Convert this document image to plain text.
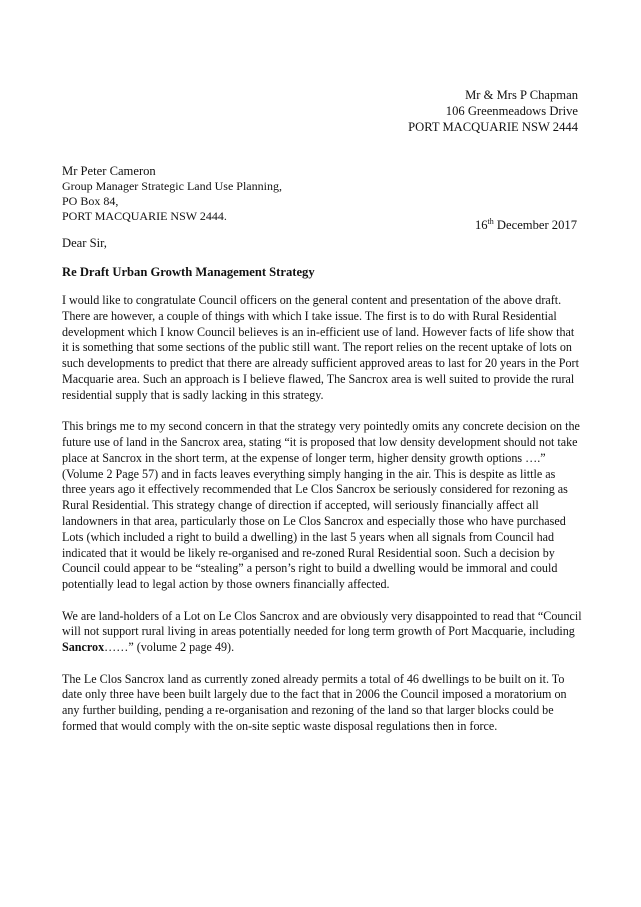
Mr & Mrs P Chapman
106 Greenmeadows Drive
PORT MACQUARIE NSW 2444
Mr Peter Cameron
Group Manager Strategic Land Use Planning,
PO Box 84,
PORT MACQUARIE NSW 2444.
16th December 2017
Dear Sir,
Re Draft Urban Growth Management Strategy

I would like to congratulate Council officers on the general content and presentation of the above draft. There are however, a couple of things with which I take issue. The first is to do with Rural Residential development which I know Council believes is an in-efficient use of land. However facts of life show that it is something that some sections of the public still want. The report relies on the recent uptake of lots on such developments to predict that there are already sufficient approved areas to last for 20 years in the Port Macquarie area. Such an approach is I believe flawed, The Sancrox area is well suited to provide the rural residential supply that is sadly lacking in this strategy.

This brings me to my second concern in that the strategy very pointedly omits any concrete decision on the future use of land in the Sancrox area, stating “it is proposed that low density development should not take place at Sancrox in the short term, at the expense of longer term, higher density growth options ….” (Volume 2 Page 57) and in facts leaves everything simply hanging in the air. This is despite as little as three years ago it effectively recommended that Le Clos Sancrox be seriously considered for rezoning as Rural Residential. This strategy change of direction if accepted, will seriously financially affect all landowners in that area, particularly those on Le Clos Sancrox and especially those who have purchased Lots (which included a right to build a dwelling) in the last 5 years when all signals from Council had indicated that it would be likely re-organised and re-zoned Rural Residential soon. Such a decision by Council could appear to be “stealing” a person’s right to build a dwelling would be immoral and could potentially lead to legal action by those owners financially affected.

We are land-holders of a Lot on Le Clos Sancrox and are obviously very disappointed to read that “Council will not support rural living in areas potentially needed for long term growth of Port Macquarie, including Sancrox……” (volume 2 page 49).

The Le Clos Sancrox land as currently zoned already permits a total of 46 dwellings to be built on it. To date only three have been built largely due to the fact that in 2006 the Council imposed a moratorium on any further building, pending a re-organisation and rezoning of the land so that larger blocks could be formed that would comply with the on-site septic waste disposal regulations then in force.
